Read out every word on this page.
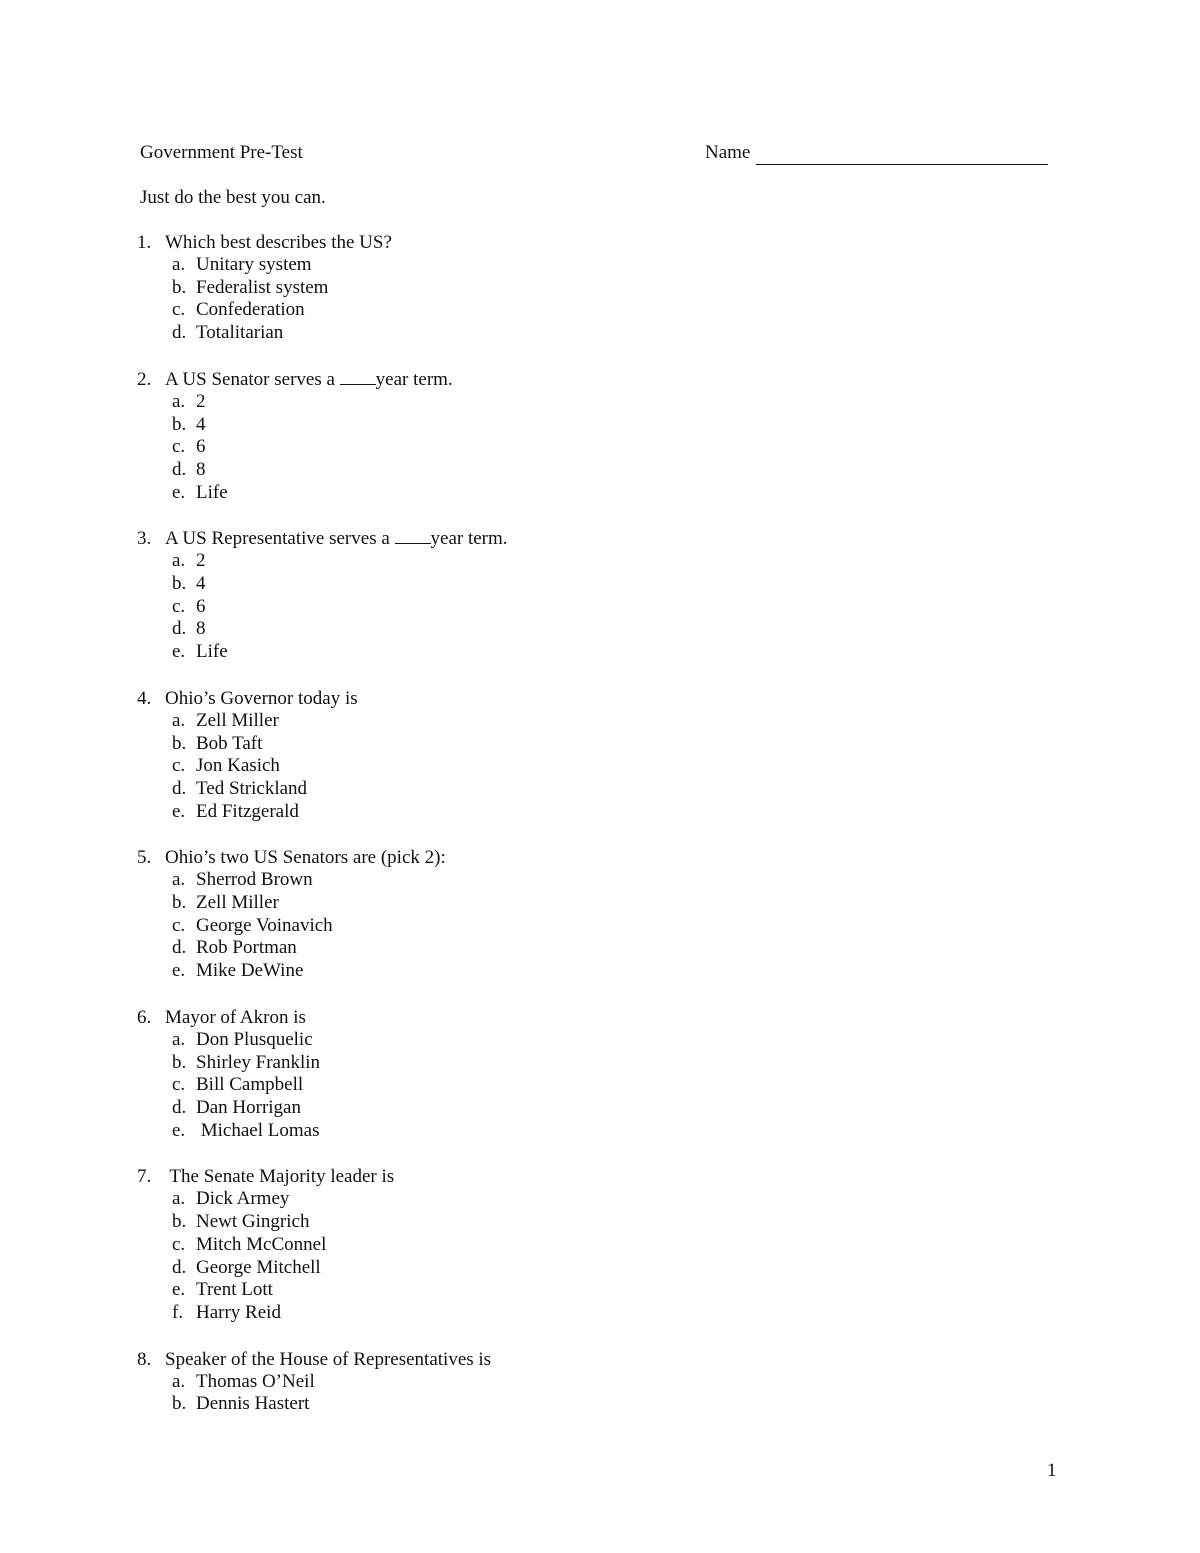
Government Pre-Test	Name
Just do the best you can.
1. Which best describes the US?
a. Unitary system
b. Federalist system
c. Confederation
d. Totalitarian
2. A US Senator serves a year term.
a. 2
b. 4
c. 6
d. 8
e. Life
3. A US Representative serves a year term.
a. 2
b. 4
c. 6
d. 8
e. Life
4. Ohio’s Governor today is
a. Zell Miller
b. Bob Taft
c. Jon Kasich
d. Ted Strickland
e. Ed Fitzgerald
5. Ohio’s two US Senators are (pick 2):
a. Sherrod Brown
b. Zell Miller
c. George Voinavich
d. Rob Portman
e. Mike DeWine
6. Mayor of Akron is
a. Don Plusquelic
b. Shirley Franklin
c. Bill Campbell
d. Dan Horrigan
e. Michael Lomas
7. The Senate Majority leader is
a. Dick Armey
b. Newt Gingrich
c. Mitch McConnel
d. George Mitchell
e. Trent Lott
f. Harry Reid
8. Speaker of the House of Representatives is
a. Thomas O’Neil
b. Dennis Hastert
1
